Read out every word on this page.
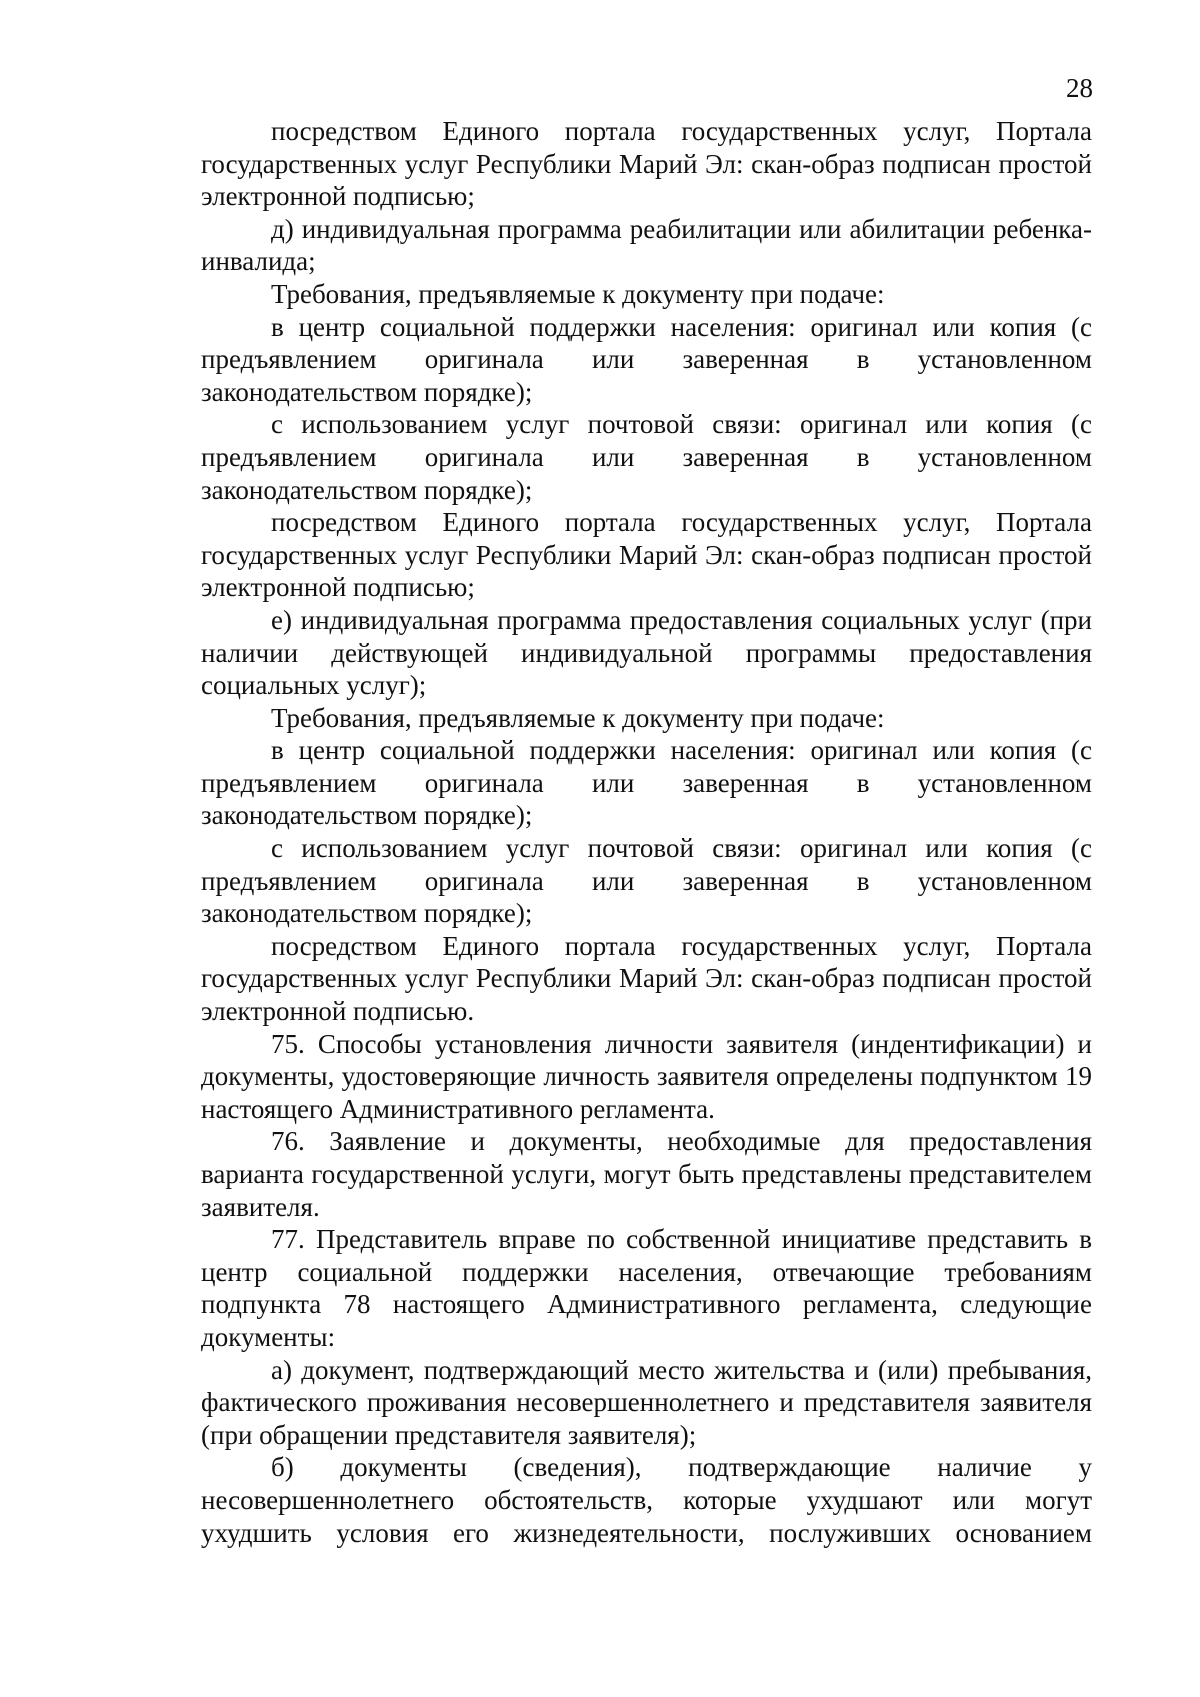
28

посредством Единого портала государственных услуг, Портала государственных услуг Республики Марий Эл: скан-образ подписан простой электронной подписью;

д) индивидуальная программа реабилитации или абилитации ребенка-инвалида;

Требования, предъявляемые к документу при подаче:

в центр социальной поддержки населения: оригинал или копия (с предъявлением оригинала или заверенная в установленном законодательством порядке);

с использованием услуг почтовой связи: оригинал или копия (с предъявлением оригинала или заверенная в установленном законодательством порядке);

посредством Единого портала государственных услуг, Портала государственных услуг Республики Марий Эл: скан-образ подписан простой электронной подписью;

е) индивидуальная программа предоставления социальных услуг (при наличии действующей индивидуальной программы предоставления социальных услуг);

Требования, предъявляемые к документу при подаче:

в центр социальной поддержки населения: оригинал или копия (с предъявлением оригинала или заверенная в установленном законодательством порядке);

с использованием услуг почтовой связи: оригинал или копия (с предъявлением оригинала или заверенная в установленном законодательством порядке);

посредством Единого портала государственных услуг, Портала государственных услуг Республики Марий Эл: скан-образ подписан простой электронной подписью.

75. Способы установления личности заявителя (индентификации) и документы, удостоверяющие личность заявителя определены подпунктом 19 настоящего Административного регламента.

76. Заявление и документы, необходимые для предоставления варианта государственной услуги, могут быть представлены представителем заявителя.

77. Представитель вправе по собственной инициативе представить в центр социальной поддержки населения, отвечающие требованиям подпункта 78 настоящего Административного регламента, следующие документы:

а) документ, подтверждающий место жительства и (или) пребывания, фактического проживания несовершеннолетнего и представителя заявителя (при обращении представителя заявителя);

б) документы (сведения), подтверждающие наличие у несовершеннолетнего обстоятельств, которые ухудшают или могут ухудшить условия его жизнедеятельности, послуживших основанием
